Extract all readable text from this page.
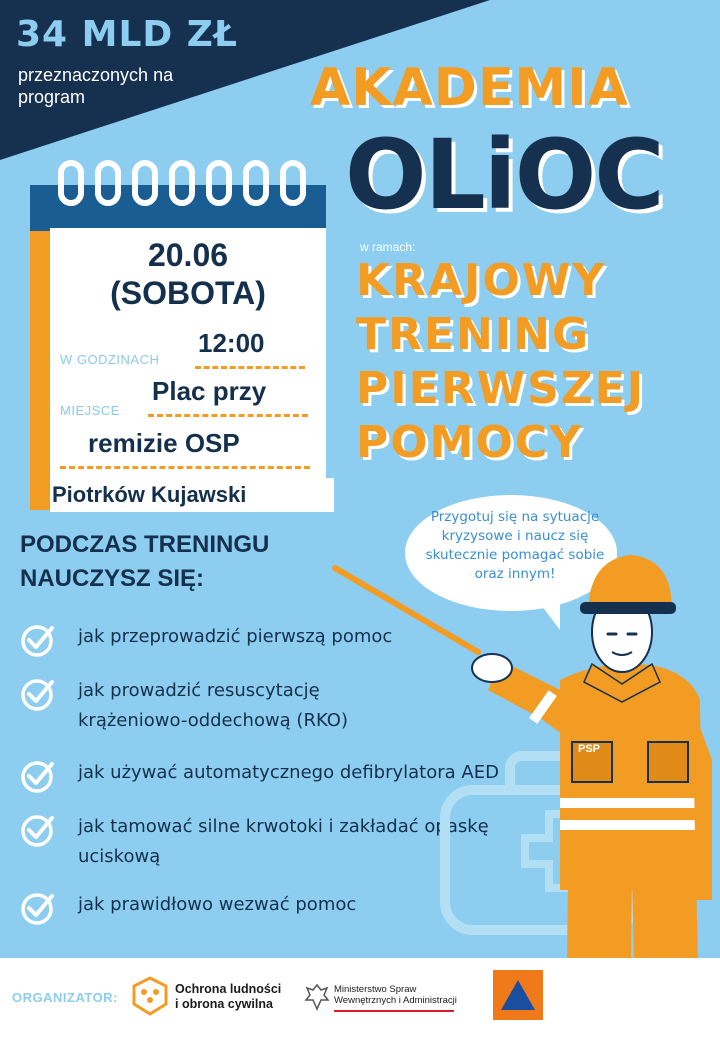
34 MLD ZŁ
przeznaczonych na program	AKADEMIA
OLiOC
w ramach:
KRAJOWY
TRENING
PIERWSZEJ
POMOCY
20.06
(SOBOTA)
W GODZINACH
12:00
MIEJSCE
Plac przy
remizie OSP
Piotrków Kujawski
PODCZAS TRENINGU
NAUCZYSZ SIĘ:
jak przeprowadzić pierwszą pomoc
jak prowadzić resuscytację krążeniowo-oddechową (RKO)
jak używać automatycznego defibrylatora AED
jak tamować silne krwotoki i zakładać opaskę uciskową
jak prawidłowo wezwać pomoc
Przygotuj się na sytuacje kryzysowe i naucz się skutecznie pomagać sobie oraz innym!
PSP
ORGANIZATOR:
Ochrona ludności
i obrona cywilna
Ministerstwo Spraw
Wewnętrznych i Administracji
